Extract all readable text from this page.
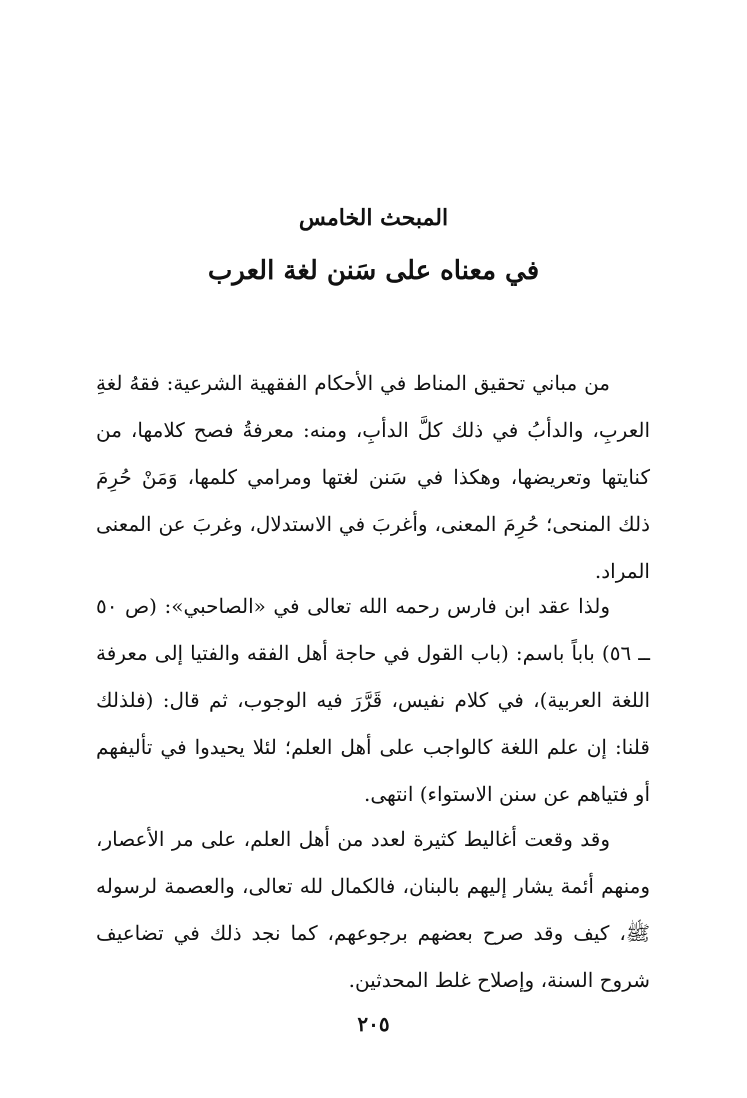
المبحث الخامس
في معناه على سَنن لغة العرب

من مباني تحقيق المناط في الأحكام الفقهية الشرعية: فقهُ لغةِ العربِ، والدأبُ في ذلك كلَّ الدأبِ، ومنه: معرفةُ فصح كلامها، من كنايتها وتعريضها، وهكذا في سَنن لغتها ومرامي كلمها، وَمَنْ حُرِمَ ذلك المنحى؛ حُرِمَ المعنى، وأغربَ في الاستدلال، وغربَ عن المعنى المراد.

ولذا عقد ابن فارس رحمه الله تعالى في «الصاحبي»: (ص ٥٠ ــ ٥٦) باباً باسم: (باب القول في حاجة أهل الفقه والفتيا إلى معرفة اللغة العربية)، في كلام نفيس، قَرَّرَ فيه الوجوب، ثم قال: (فلذلك قلنا: إن علم اللغة كالواجب على أهل العلم؛ لئلا يحيدوا في تأليفهم أو فتياهم عن سنن الاستواء) انتهى.

وقد وقعت أغاليط كثيرة لعدد من أهل العلم، على مر الأعصار، ومنهم أئمة يشار إليهم بالبنان، فالكمال لله تعالى، والعصمة لرسوله ﷺ، كيف وقد صرح بعضهم برجوعهم، كما نجد ذلك في تضاعيف شروح السنة، وإصلاح غلط المحدثين.

٢٠٥
